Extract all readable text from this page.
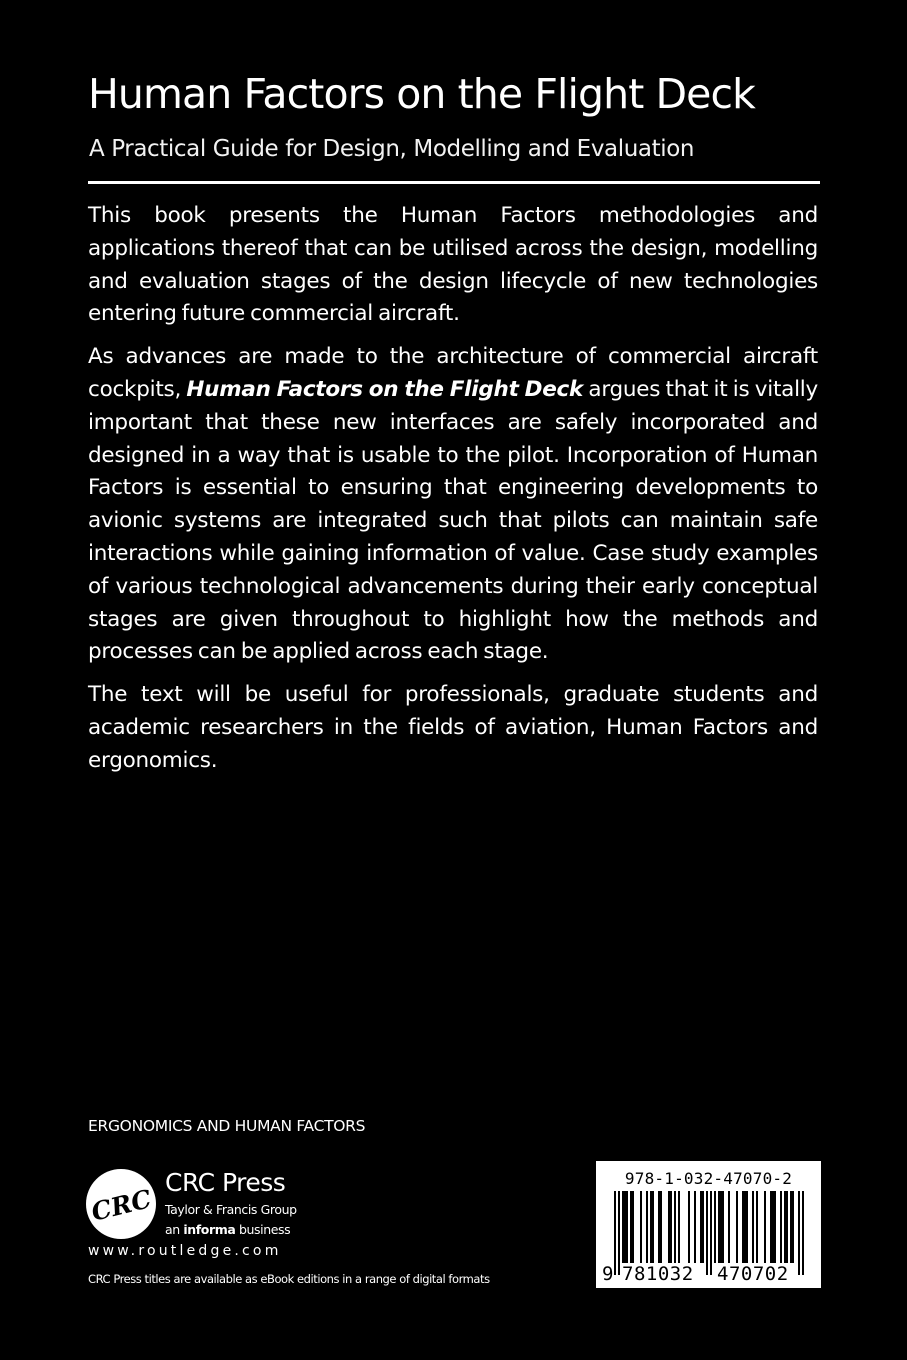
Human Factors on the Flight Deck
A Practical Guide for Design, Modelling and Evaluation

This book presents the Human Factors methodologies and applications thereof that can be utilised across the design, modelling and evaluation stages of the design lifecycle of new technologies entering future commercial aircraft.

As advances are made to the architecture of commercial aircraft cockpits, Human Factors on the Flight Deck argues that it is vitally important that these new interfaces are safely incorporated and designed in a way that is usable to the pilot. Incorporation of Human Factors is essential to ensuring that engineering developments to avionic systems are integrated such that pilots can maintain safe interactions while gaining information of value. Case study examples of various technological advancements during their early conceptual stages are given throughout to highlight how the methods and processes can be applied across each stage.

The text will be useful for professionals, graduate students and academic researchers in the fields of aviation, Human Factors and ergonomics.

ERGONOMICS AND HUMAN FACTORS
CRC
CRC Press
Taylor & Francis Group
an informa business
www.routledge.com
CRC Press titles are available as eBook editions in a range of digital formats
978-1-032-47070-2
9 781032 470702
